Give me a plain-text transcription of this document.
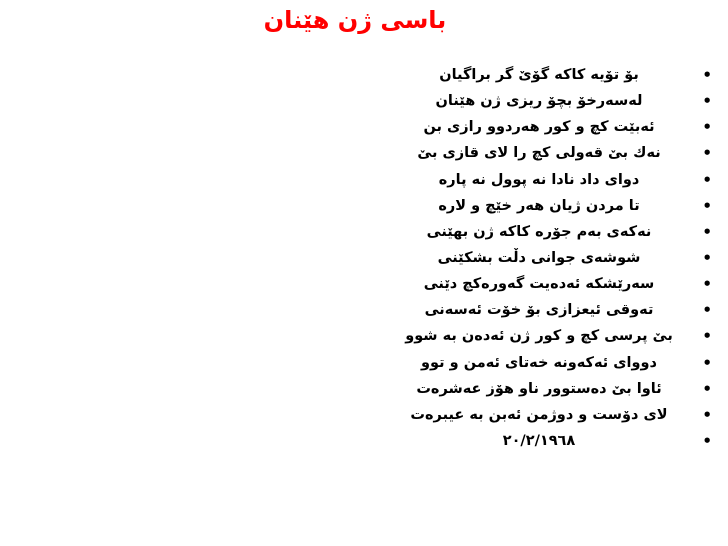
باسی ژن هێنان
• بۆ تۆیە کاکە گۆێ گر براگیان
• لەسەرخۆ بچۆ ریزی ژن هێنان
• ئەبێت کچ و کور هەردوو رازی بن
• نەك بێ قەولی کچ را لای قازی بێ
• دوای داد نادا نە پوول نە پارە
• تا مردن ژیان هەر خێچ و لارە
• نەکەی بەم جۆرە کاکە ژن بهێنی
• شوشەی جوانی دڵت بشکێنی
• سەرێشکە ئەدەیت گەورەکچ دێنی
• تەوقی ئیعزازی بۆ خۆت ئەسەنی
• بێ پرسی کچ و کور ژن ئەدەن بە شوو
• دووای ئەکەونە خەتای ئەمن و توو
• ئاوا بێ دەستوور ناو هۆز عەشرەت
• لای دۆست و دوژمن ئەبن بە عیبرەت
• ٢٠/٢/١٩٦٨
